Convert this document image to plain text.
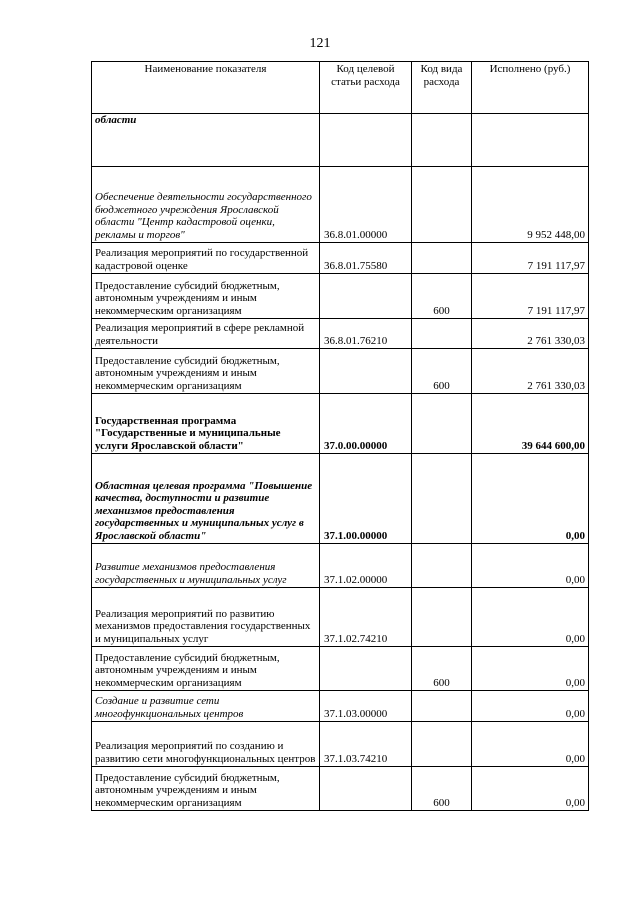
121
Наименование показателя	Код целевой статьи расхода	Код вида расхода	Исполнено (руб.)
области			
Обеспечение деятельности государственного бюджетного учреждения Ярославской области "Центр кадастровой оценки, рекламы и торгов"	36.8.01.00000		9 952 448,00
Реализация мероприятий по государственной кадастровой оценке	36.8.01.75580		7 191 117,97
Предоставление субсидий бюджетным, автономным учреждениям и иным некоммерческим организациям		600	7 191 117,97
Реализация мероприятий в сфере рекламной деятельности	36.8.01.76210		2 761 330,03
Предоставление субсидий бюджетным, автономным учреждениям и иным некоммерческим организациям		600	2 761 330,03
Государственная программа "Государственные и муниципальные услуги Ярославской области"	37.0.00.00000		39 644 600,00
Областная целевая программа "Повышение качества, доступности и развитие механизмов предоставления государственных и муниципальных услуг в Ярославской области"	37.1.00.00000		0,00
Развитие механизмов предоставления государственных и муниципальных услуг	37.1.02.00000		0,00
Реализация мероприятий по развитию механизмов предоставления государственных и муниципальных услуг	37.1.02.74210		0,00
Предоставление субсидий бюджетным, автономным учреждениям и иным некоммерческим организациям		600	0,00
Создание и развитие сети многофункциональных центров	37.1.03.00000		0,00
Реализация мероприятий по созданию и развитию сети многофункциональных центров	37.1.03.74210		0,00
Предоставление субсидий бюджетным, автономным учреждениям и иным некоммерческим организациям		600	0,00
